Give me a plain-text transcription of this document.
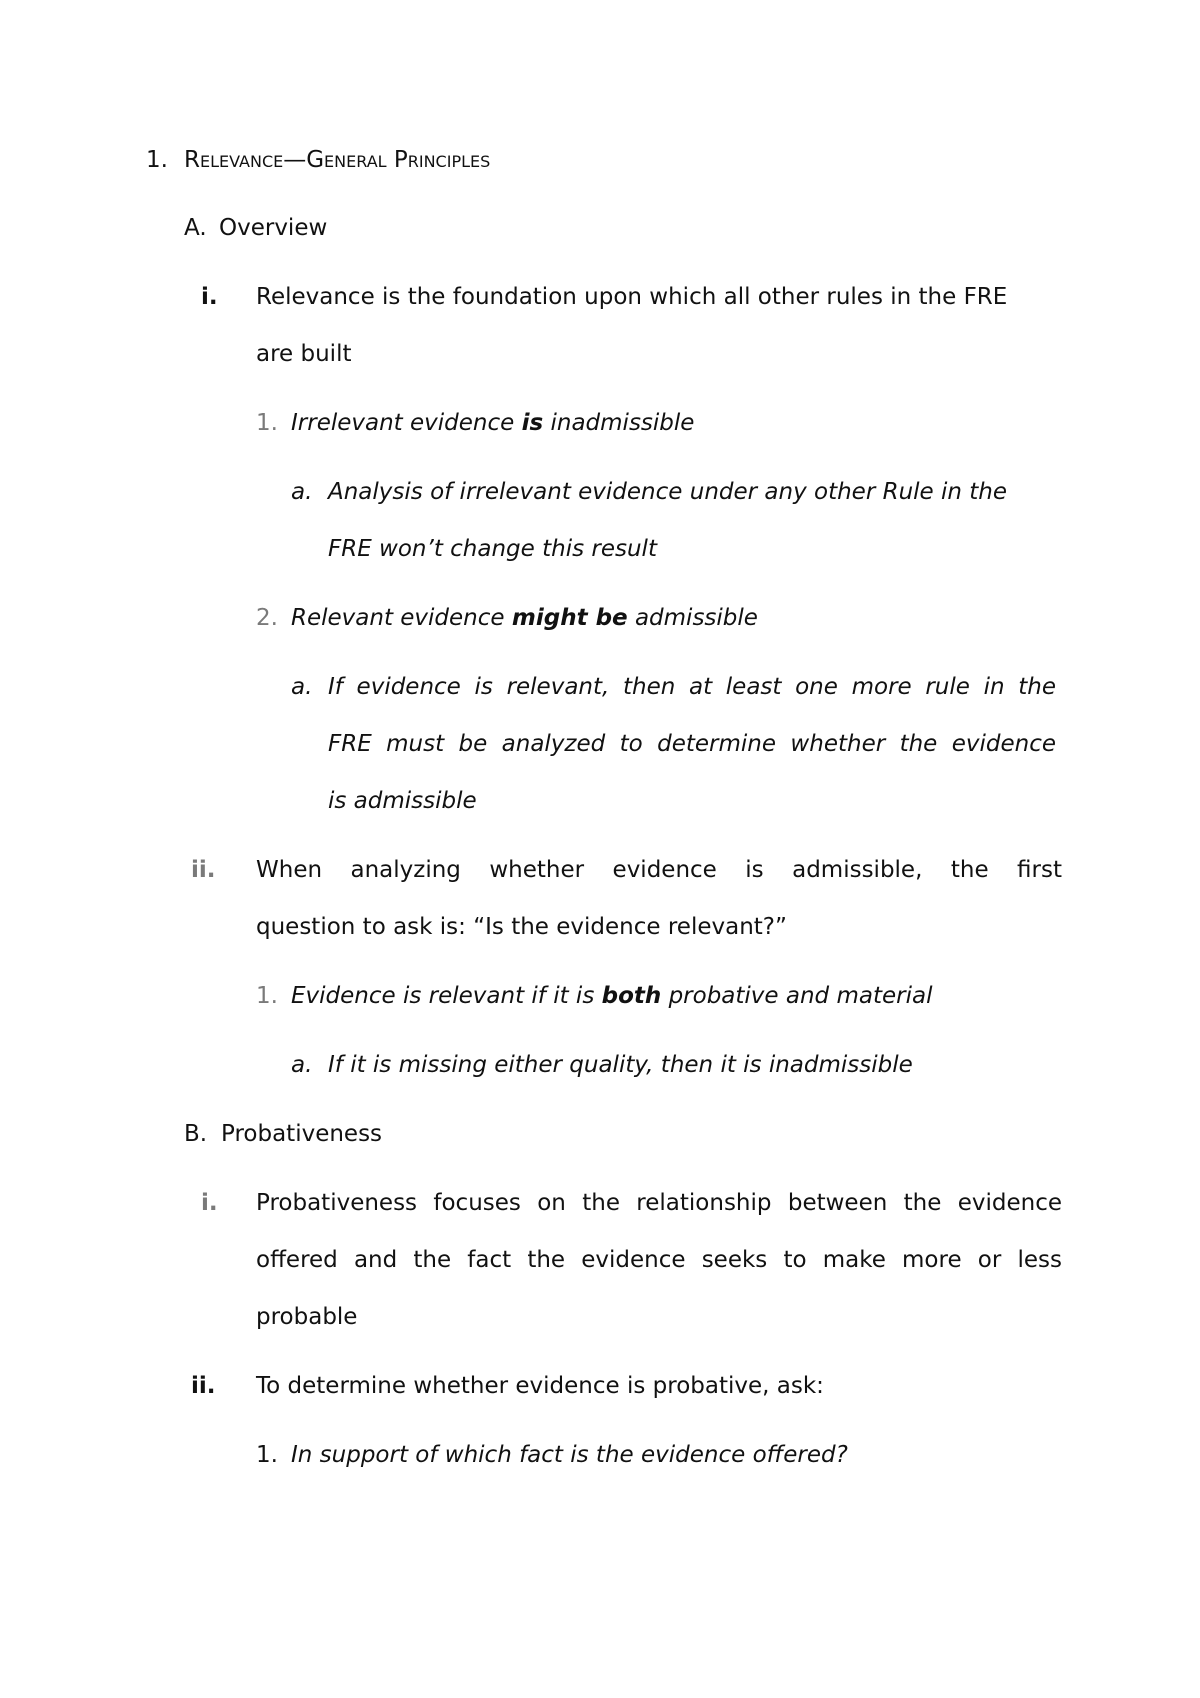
1. Relevance—General Principles
A. Overview
i. Relevance is the foundation upon which all other rules in the FRE
are built
1. Irrelevant evidence is inadmissible
a. Analysis of irrelevant evidence under any other Rule in the
FRE won’t change this result
2. Relevant evidence might be admissible
a. If evidence is relevant, then at least one more rule in the
FRE must be analyzed to determine whether the evidence
is admissible
ii. When analyzing whether evidence is admissible, the first
question to ask is: “Is the evidence relevant?”
1. Evidence is relevant if it is both probative and material
a. If it is missing either quality, then it is inadmissible
B. Probativeness
i. Probativeness focuses on the relationship between the evidence
offered and the fact the evidence seeks to make more or less
probable
ii. To determine whether evidence is probative, ask:
1. In support of which fact is the evidence offered?
